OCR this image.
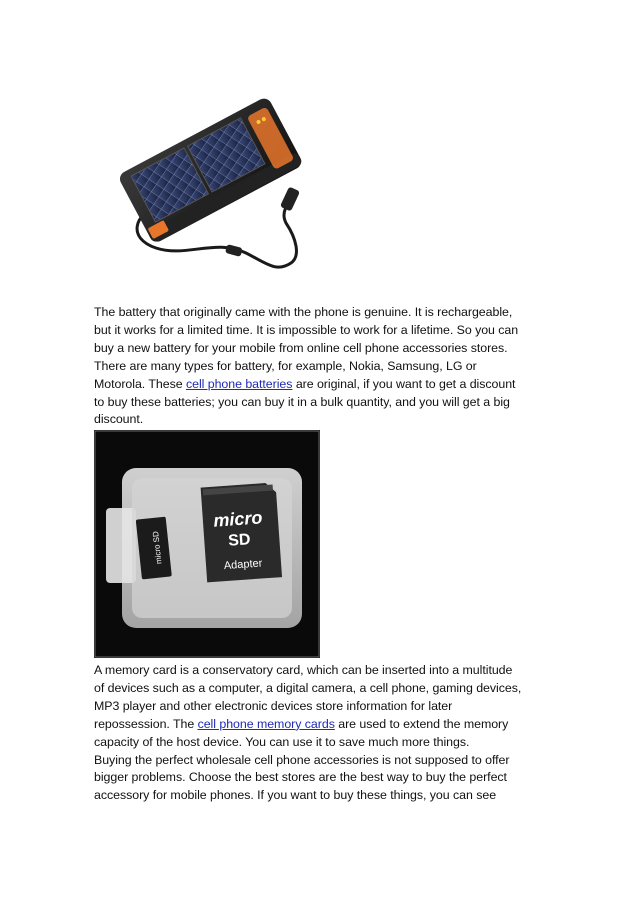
The battery that originally came with the phone is genuine. It is rechargeable,
but it works for a limited time. It is impossible to work for a lifetime. So you can
buy a new battery for your mobile from online cell phone accessories stores.
There are many types for battery, for example, Nokia, Samsung, LG or
Motorola. These cell phone batteries are original, if you want to get a discount
to buy these batteries; you can buy it in a bulk quantity, and you will get a big
discount.

micro SD
micro
SD
Adapter

A memory card is a conservatory card, which can be inserted into a multitude
of devices such as a computer, a digital camera, a cell phone, gaming devices,
MP3 player and other electronic devices store information for later
repossession. The cell phone memory cards are used to extend the memory
capacity of the host device. You can use it to save much more things.
Buying the perfect wholesale cell phone accessories is not supposed to offer
bigger problems. Choose the best stores are the best way to buy the perfect
accessory for mobile phones. If you want to buy these things, you can see
